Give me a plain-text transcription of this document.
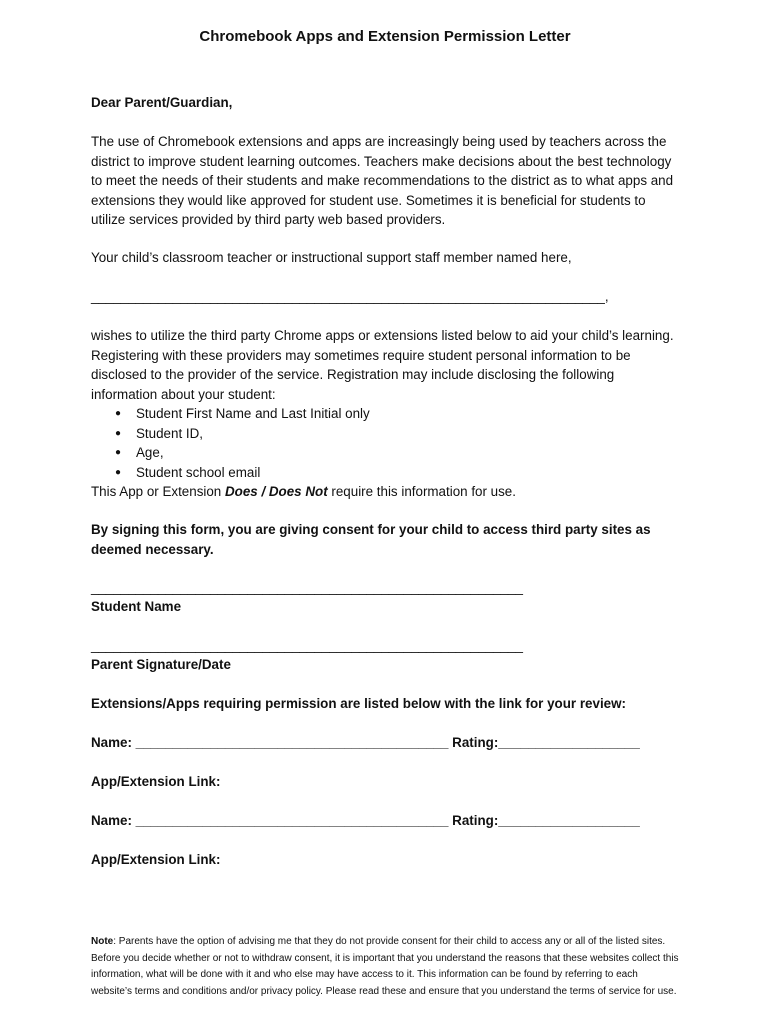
Chromebook Apps and Extension Permission Letter

Dear Parent/Guardian,

The use of Chromebook extensions and apps are increasingly being used by teachers across the district to improve student learning outcomes. Teachers make decisions about the best technology to meet the needs of their students and make recommendations to the district as to what apps and extensions they would like approved for student use. Sometimes it is beneficial for students to utilize services provided by third party web based providers.

Your child’s classroom teacher or instructional support staff member named here,

_____________________________________________________________________,

wishes to utilize the third party Chrome apps or extensions listed below to aid your child’s learning. Registering with these providers may sometimes require student personal information to be disclosed to the provider of the service. Registration may include disclosing the following information about your student:

● Student First Name and Last Initial only
● Student ID,
● Age,
● Student school email

This App or Extension Does / Does Not require this information for use.

By signing this form, you are giving consent for your child to access third party sites as deemed necessary.

__________________________________________________________

Student Name

__________________________________________________________

Parent Signature/Date

Extensions/Apps requiring permission are listed below with the link for your review:

Name: __________________________________________ Rating:___________________

App/Extension Link:

Name: __________________________________________ Rating:___________________

App/Extension Link:

Note: Parents have the option of advising me that they do not provide consent for their child to access any or all of the listed sites. Before you decide whether or not to withdraw consent, it is important that you understand the reasons that these websites collect this information, what will be done with it and who else may have access to it. This information can be found by referring to each website’s terms and conditions and/or privacy policy. Please read these and ensure that you understand the terms of service for use.
